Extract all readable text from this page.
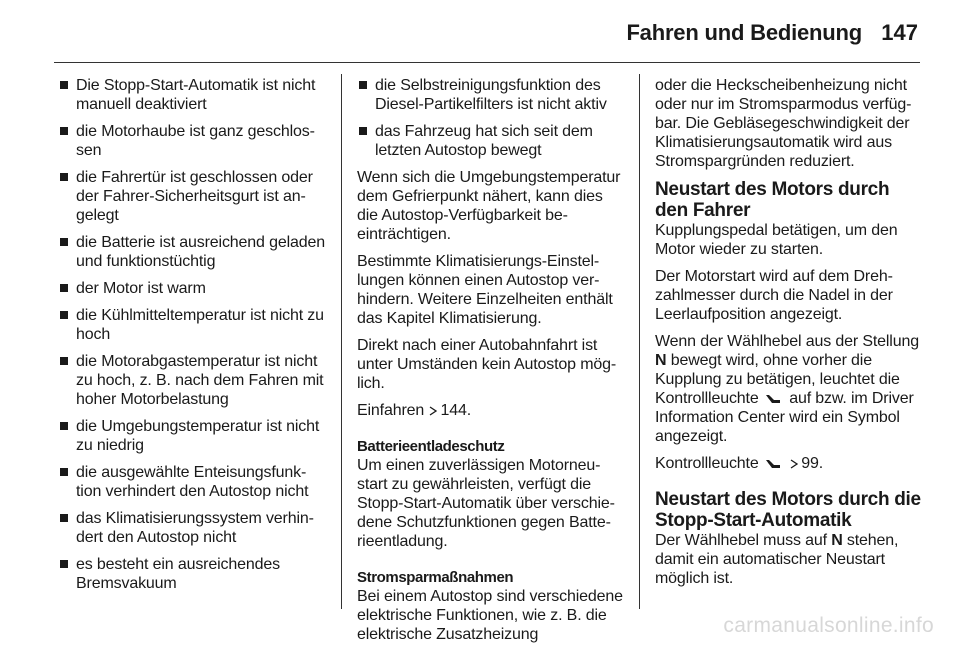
Fahren und Bedienung 147
Die Stopp-Start-Automatik ist nicht manuell deaktiviert
die Motorhaube ist ganz geschlossen
die Fahrertür ist geschlossen oder der Fahrer-Sicherheitsgurt ist angelegt
die Batterie ist ausreichend geladen und funktionstüchtig
der Motor ist warm
die Kühlmitteltemperatur ist nicht zu hoch
die Motorabgastemperatur ist nicht zu hoch, z. B. nach dem Fahren mit hoher Motorbelastung
die Umgebungstemperatur ist nicht zu niedrig
die ausgewählte Enteisungsfunktion verhindert den Autostop nicht
das Klimatisierungssystem verhindert den Autostop nicht
es besteht ein ausreichendes Bremsvakuum
die Selbstreinigungsfunktion des Diesel-Partikelfilters ist nicht aktiv
das Fahrzeug hat sich seit dem letzten Autostop bewegt

Wenn sich die Umgebungstemperatur dem Gefrierpunkt nähert, kann dies die Autostop-Verfügbarkeit beeinträchtigen.

Bestimmte Klimatisierungs-Einstellungen können einen Autostop verhindern. Weitere Einzelheiten enthält das Kapitel Klimatisierung.

Direkt nach einer Autobahnfahrt ist unter Umständen kein Autostop möglich.

Einfahren 144.

Batterieentladeschutz

Um einen zuverlässigen Motorneustart zu gewährleisten, verfügt die Stopp-Start-Automatik über verschiedene Schutzfunktionen gegen Batterieentladung.

Stromsparmaßnahmen

Bei einem Autostop sind verschiedene elektrische Funktionen, wie z. B. die elektrische Zusatzheizung

oder die Heckscheibenheizung nicht oder nur im Stromsparmodus verfügbar. Die Gebläsegeschwindigkeit der Klimatisierungsautomatik wird aus Stromspargründen reduziert.

Neustart des Motors durch den Fahrer

Kupplungspedal betätigen, um den Motor wieder zu starten.

Der Motorstart wird auf dem Drehzahlmesser durch die Nadel in der Leerlaufposition angezeigt.

Wenn der Wählhebel aus der Stellung N bewegt wird, ohne vorher die Kupplung zu betätigen, leuchtet die Kontrollleuchte auf bzw. im Driver Information Center wird ein Symbol angezeigt.

Kontrollleuchte	99.

Neustart des Motors durch die Stopp-Start-Automatik

Der Wählhebel muss auf N stehen, damit ein automatischer Neustart möglich ist.

carmanualsonline.info
